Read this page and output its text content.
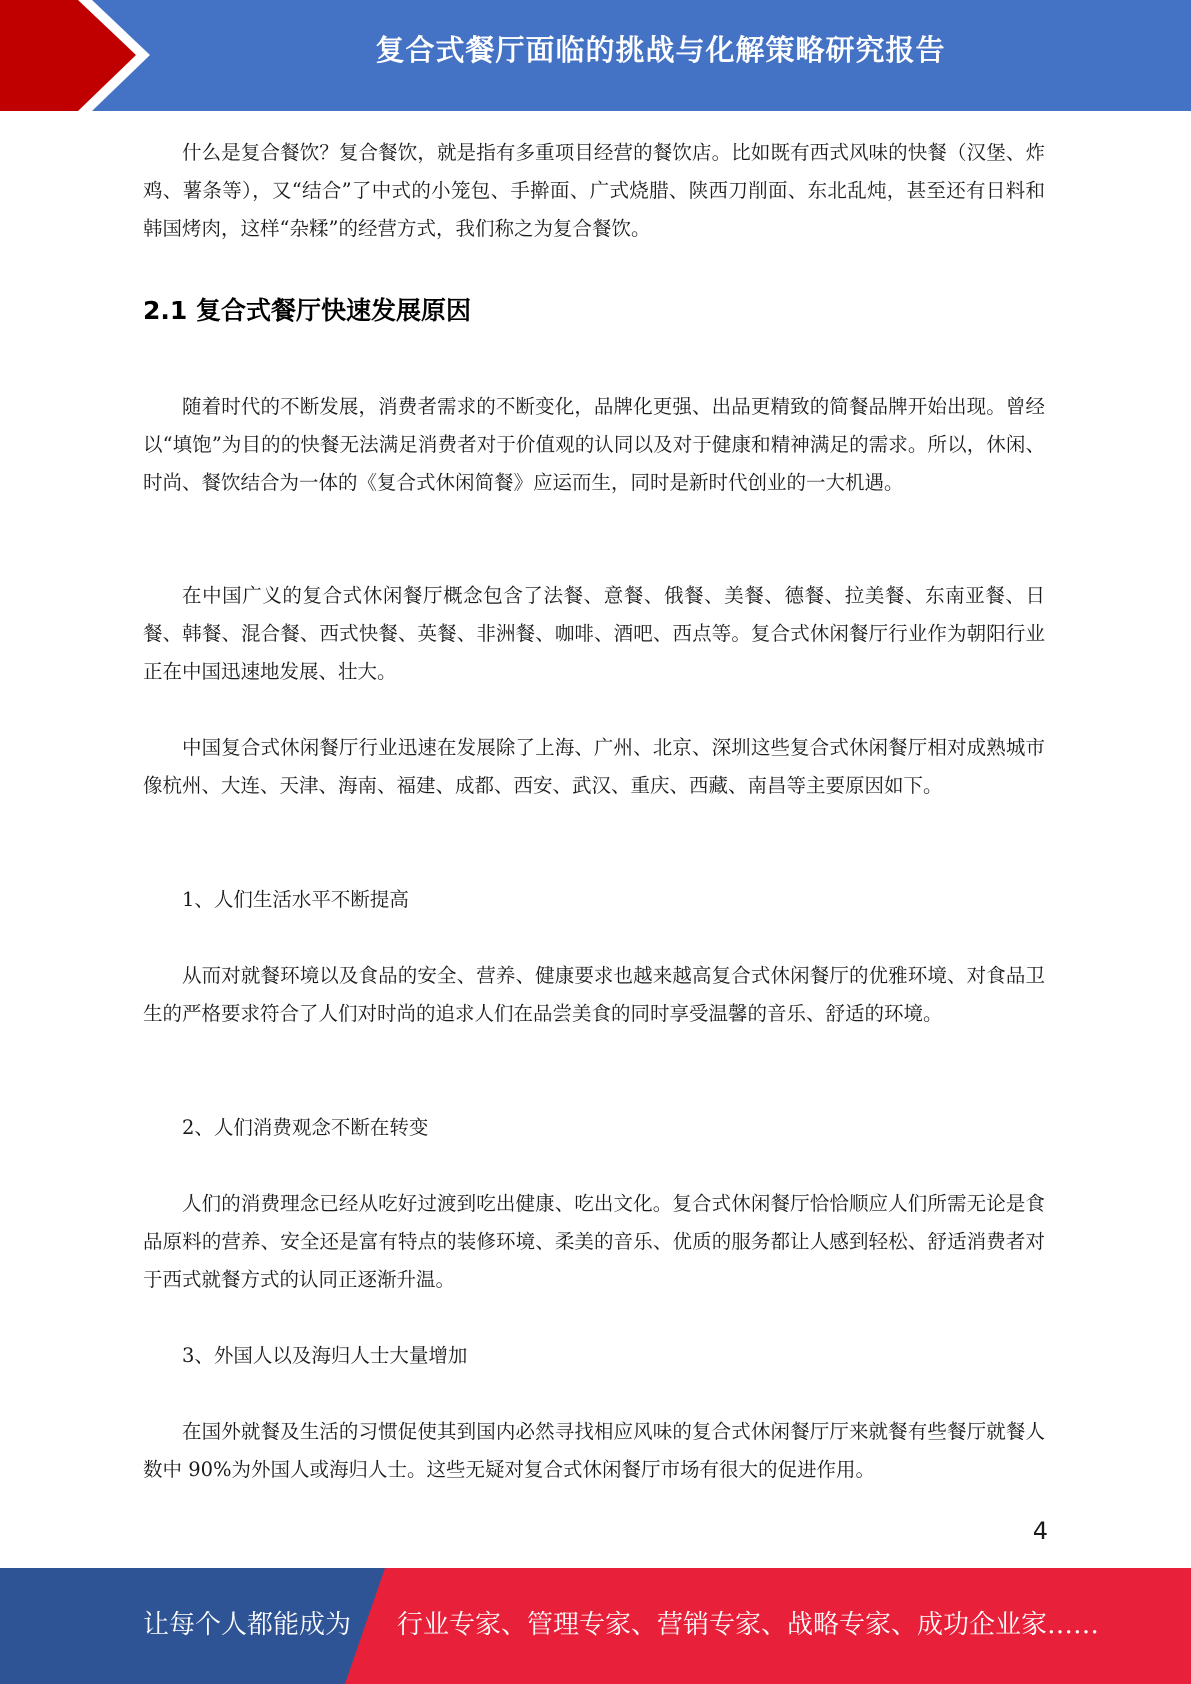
复合式餐厅面临的挑战与化解策略研究报告

什么是复合餐饮？复合餐饮，就是指有多重项目经营的餐饮店。比如既有西式风味的快餐（汉堡、炸鸡、薯条等），又“结合”了中式的小笼包、手擀面、广式烧腊、陕西刀削面、东北乱炖，甚至还有日料和韩国烤肉，这样“杂糅”的经营方式，我们称之为复合餐饮。

2.1 复合式餐厅快速发展原因

随着时代的不断发展，消费者需求的不断变化，品牌化更强、出品更精致的简餐品牌开始出现。曾经以“填饱”为目的的快餐无法满足消费者对于价值观的认同以及对于健康和精神满足的需求。所以，休闲、时尚、餐饮结合为一体的《复合式休闲简餐》应运而生，同时是新时代创业的一大机遇。

在中国广义的复合式休闲餐厅概念包含了法餐、意餐、俄餐、美餐、德餐、拉美餐、东南亚餐、日餐、韩餐、混合餐、西式快餐、英餐、非洲餐、咖啡、酒吧、西点等。复合式休闲餐厅行业作为朝阳行业正在中国迅速地发展、壮大。

中国复合式休闲餐厅行业迅速在发展除了上海、广州、北京、深圳这些复合式休闲餐厅相对成熟城市像杭州、大连、天津、海南、福建、成都、西安、武汉、重庆、西藏、南昌等主要原因如下。

1、人们生活水平不断提高

从而对就餐环境以及食品的安全、营养、健康要求也越来越高复合式休闲餐厅的优雅环境、对食品卫生的严格要求符合了人们对时尚的追求人们在品尝美食的同时享受温馨的音乐、舒适的环境。

2、人们消费观念不断在转变

人们的消费理念已经从吃好过渡到吃出健康、吃出文化。复合式休闲餐厅恰恰顺应人们所需无论是食品原料的营养、安全还是富有特点的装修环境、柔美的音乐、优质的服务都让人感到轻松、舒适消费者对于西式就餐方式的认同正逐渐升温。

3、外国人以及海归人士大量增加

在国外就餐及生活的习惯促使其到国内必然寻找相应风味的复合式休闲餐厅厅来就餐有些餐厅就餐人数中 90%为外国人或海归人士。这些无疑对复合式休闲餐厅市场有很大的促进作用。

4
让每个人都能成为 行业专家、管理专家、营销专家、战略专家、成功企业家……
